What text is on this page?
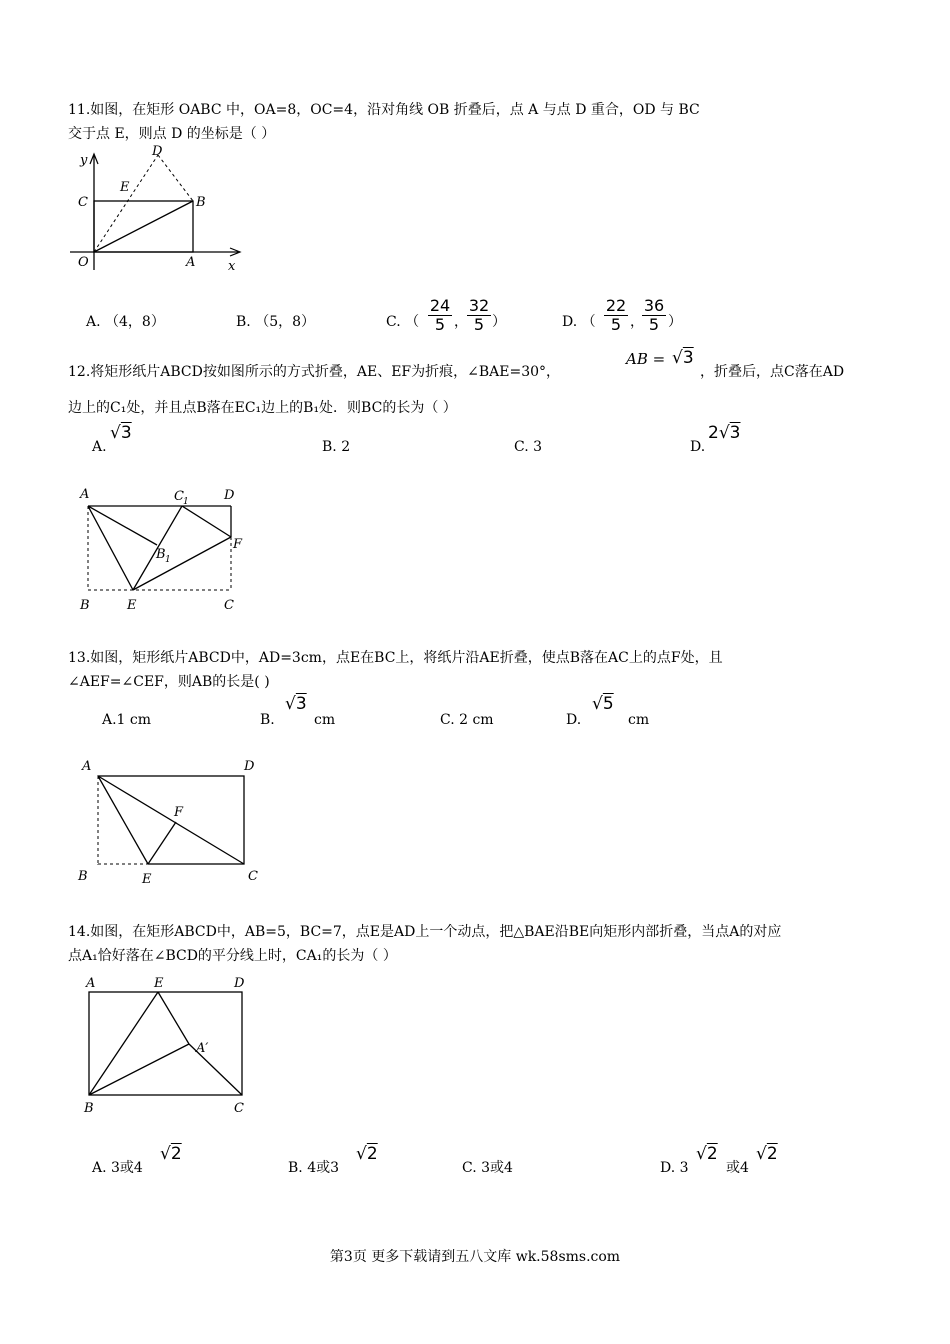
11.如图，在矩形 OABC 中，OA=8，OC=4，沿对角线 OB 折叠后，点 A 与点 D 重合，OD 与 BC
交于点 E，则点 D 的坐标是（ ）
y
D
E
C	B
O	A	x
A. （4，8）	B. （5，8）	C. （ $\frac{24}{5}$ ， $\frac{32}{5}$ ）	D. （ $\frac{22}{5}$ ，
$\frac{36}{5}$ ）
12.将矩形纸片ABCD按如图所示的方式折叠，AE、EF为折痕，∠BAE=30°，
AB = √3
，折叠后，点C落在AD
边上的C₁处，并且点B落在EC₁边上的B₁处．则BC的长为（ ）
A.
√3
B. 2	C. 3	D.
2√3
A	C 1	D
B 1
F
B	E	C
13.如图，矩形纸片ABCD中，AD=3cm，点E在BC上，将纸片沿AE折叠，使点B落在AC上的点F处，且
∠AEF=∠CEF，则AB的长是( )
A.1 cm	B.
√3
cm	C. 2 cm	D.
√5
cm
A	D
F
B	E	C
14.如图，在矩形ABCD中，AB=5，BC=7，点E是AD上一个动点，把△BAE沿BE向矩形内部折叠，当点A的对应
点A₁恰好落在∠BCD的平分线上时，CA₁的长为（ ）
A	E	D
A′
B	C
A. 3或4
√2
B. 4或3
√2
C. 3或4	D. 3
√2
或4
√2
第3页 更多下载请到五八文库 wk.58sms.com
